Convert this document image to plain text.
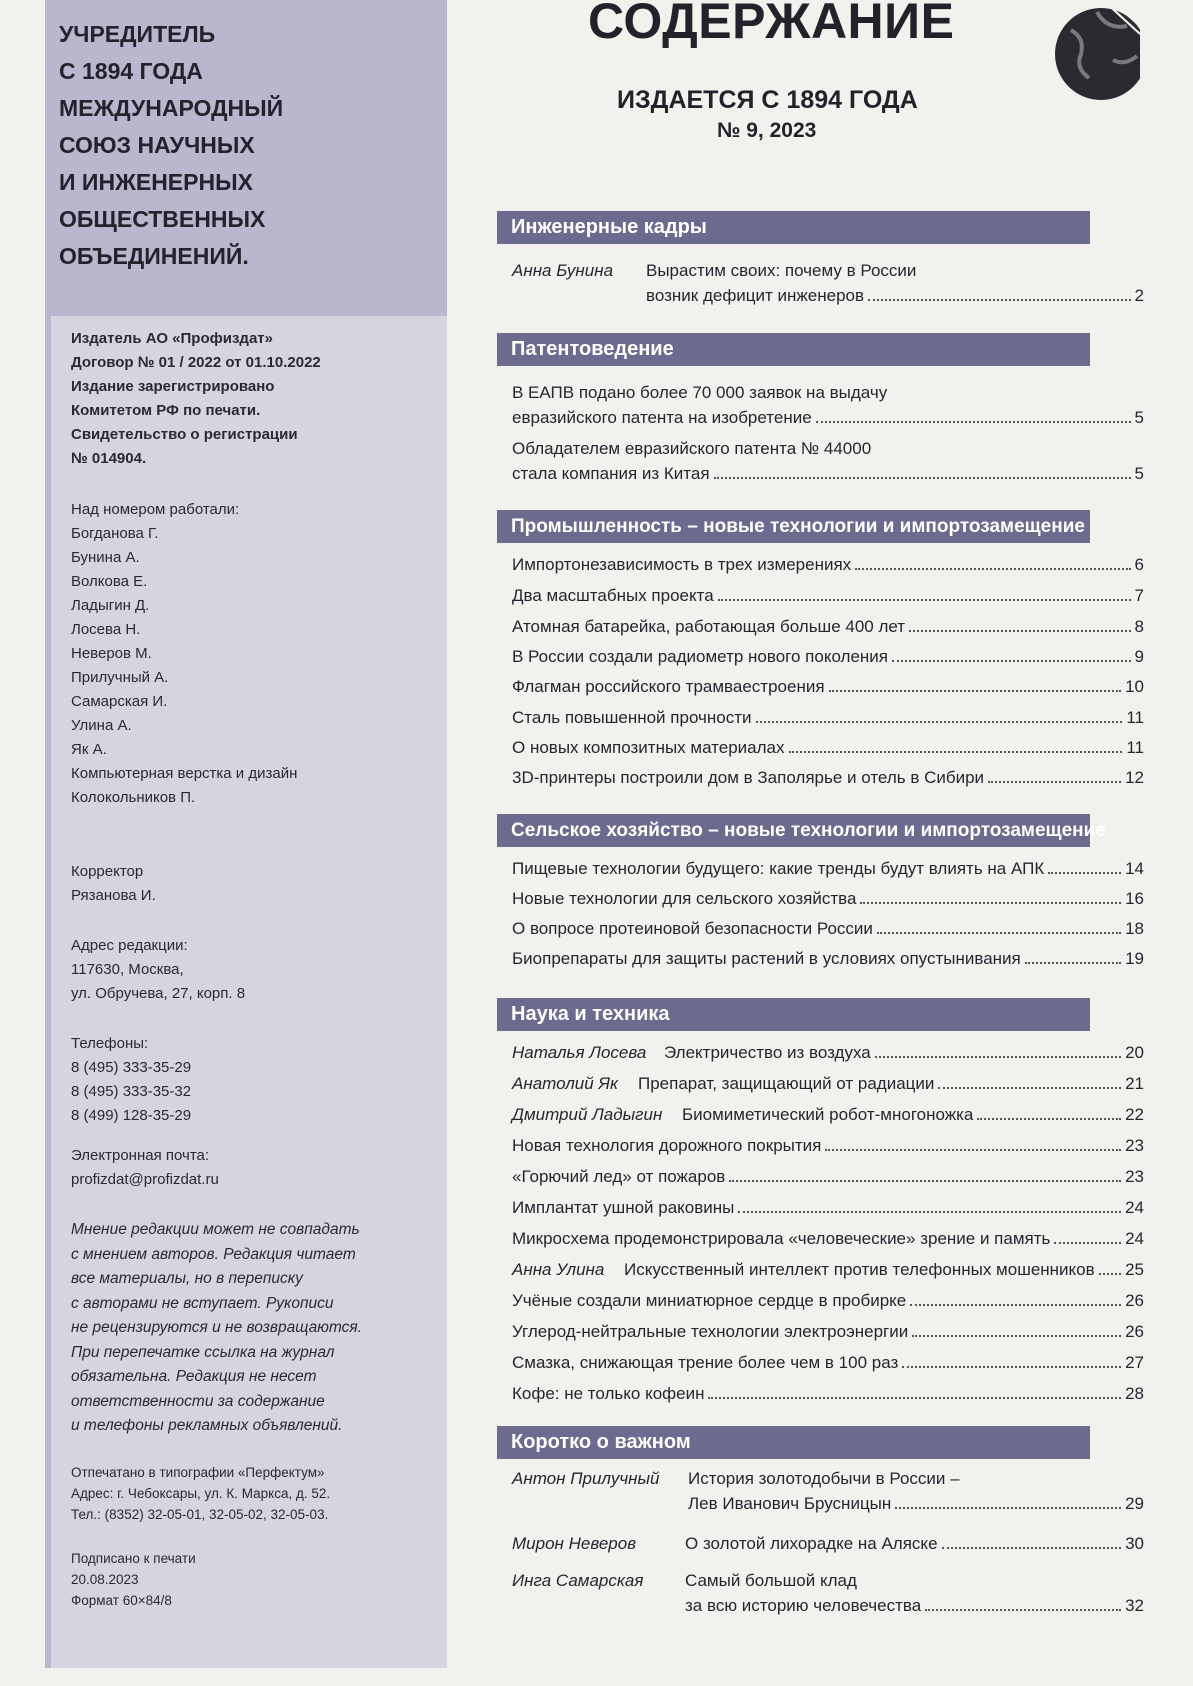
УЧРЕДИТЕЛЬ
С 1894 ГОДА
МЕЖДУНАРОДНЫЙ
СОЮЗ НАУЧНЫХ
И ИНЖЕНЕРНЫХ
ОБЩЕСТВЕННЫХ
ОБЪЕДИНЕНИЙ.
Издатель АО «Профиздат»
Договор № 01 / 2022 от 01.10.2022
Издание зарегистрировано
Комитетом РФ по печати.
Свидетельство о регистрации
№ 014904.
Над номером работали:
Богданова Г.
Бунина А.
Волкова Е.
Ладыгин Д.
Лосева Н.
Неверов М.
Прилучный А.
Самарская И.
Улина А.
Як А.
Компьютерная верстка и дизайн
Колокольников П.
Корректор
Рязанова И.
Адрес редакции:
117630, Москва,
ул. Обручева, 27, корп. 8
Телефоны:
8 (495) 333-35-29
8 (495) 333-35-32
8 (499) 128-35-29
Электронная почта:
profizdat@profizdat.ru
Мнение редакции может не совпадать
с мнением авторов. Редакция читает
все материалы, но в переписку
с авторами не вступает. Рукописи
не рецензируются и не возвращаются.
При перепечатке ссылка на журнал
обязательна. Редакция не несет
ответственности за содержание
и телефоны рекламных объявлений.
Отпечатано в типографии «Перфектум»
Адрес: г. Чебоксары, ул. К. Маркса, д. 52.
Тел.: (8352) 32-05-01, 32-05-02, 32-05-03.
Подписано к печати
20.08.2023
Формат 60×84/8
СОДЕРЖАНИЕ
ИЗДАЕТСЯ С 1894 ГОДА
№ 9, 2023
Инженерные кадры
Анна Бунина	Вырастим своих: почему в России
возник дефицит инженеров	2
Патентоведение
В ЕАПВ подано более 70 000 заявок на выдачу
евразийского патента на изобретение	5
Обладателем евразийского патента № 44000
стала компания из Китая	5
Промышленность – новые технологии и импортозамещение
Импортонезависимость в трех измерениях	6
Два масштабных проекта	7
Атомная батарейка, работающая больше 400 лет	8
В России создали радиометр нового поколения	9
Флагман российского трамваестроения	10
Сталь повышенной прочности	11
О новых композитных материалах	11
3D-принтеры построили дом в Заполярье и отель в Сибири	12
Сельское хозяйство – новые технологии и импортозамещение
Пищевые технологии будущего: какие тренды будут влиять на АПК	14
Новые технологии для сельского хозяйства	16
О вопросе протеиновой безопасности России	18
Биопрепараты для защиты растений в условиях опустынивания	19
Наука и техника
Наталья Лосева	Электричество из воздуха	20
Анатолий Як	Препарат, защищающий от радиации	21
Дмитрий Ладыгин	Биомиметический робот-многоножка	22
Новая технология дорожного покрытия	23
«Горючий лед» от пожаров	23
Имплантат ушной раковины	24
Микросхема продемонстрировала «человеческие» зрение и память	24
Анна Улина	Искусственный интеллект против телефонных мошенников 25
Учёные создали миниатюрное сердце в пробирке	26
Углерод-нейтральные технологии электроэнергии	26
Смазка, снижающая трение более чем в 100 раз	27
Кофе: не только кофеин	28
Коротко о важном
Антон Прилучный	История золотодобычи в России –
Лев Иванович Брусницын	29
Мирон Неверов	О золотой лихорадке на Аляске	30
Инга Самарская	Самый большой клад
за всю историю человечества	32
